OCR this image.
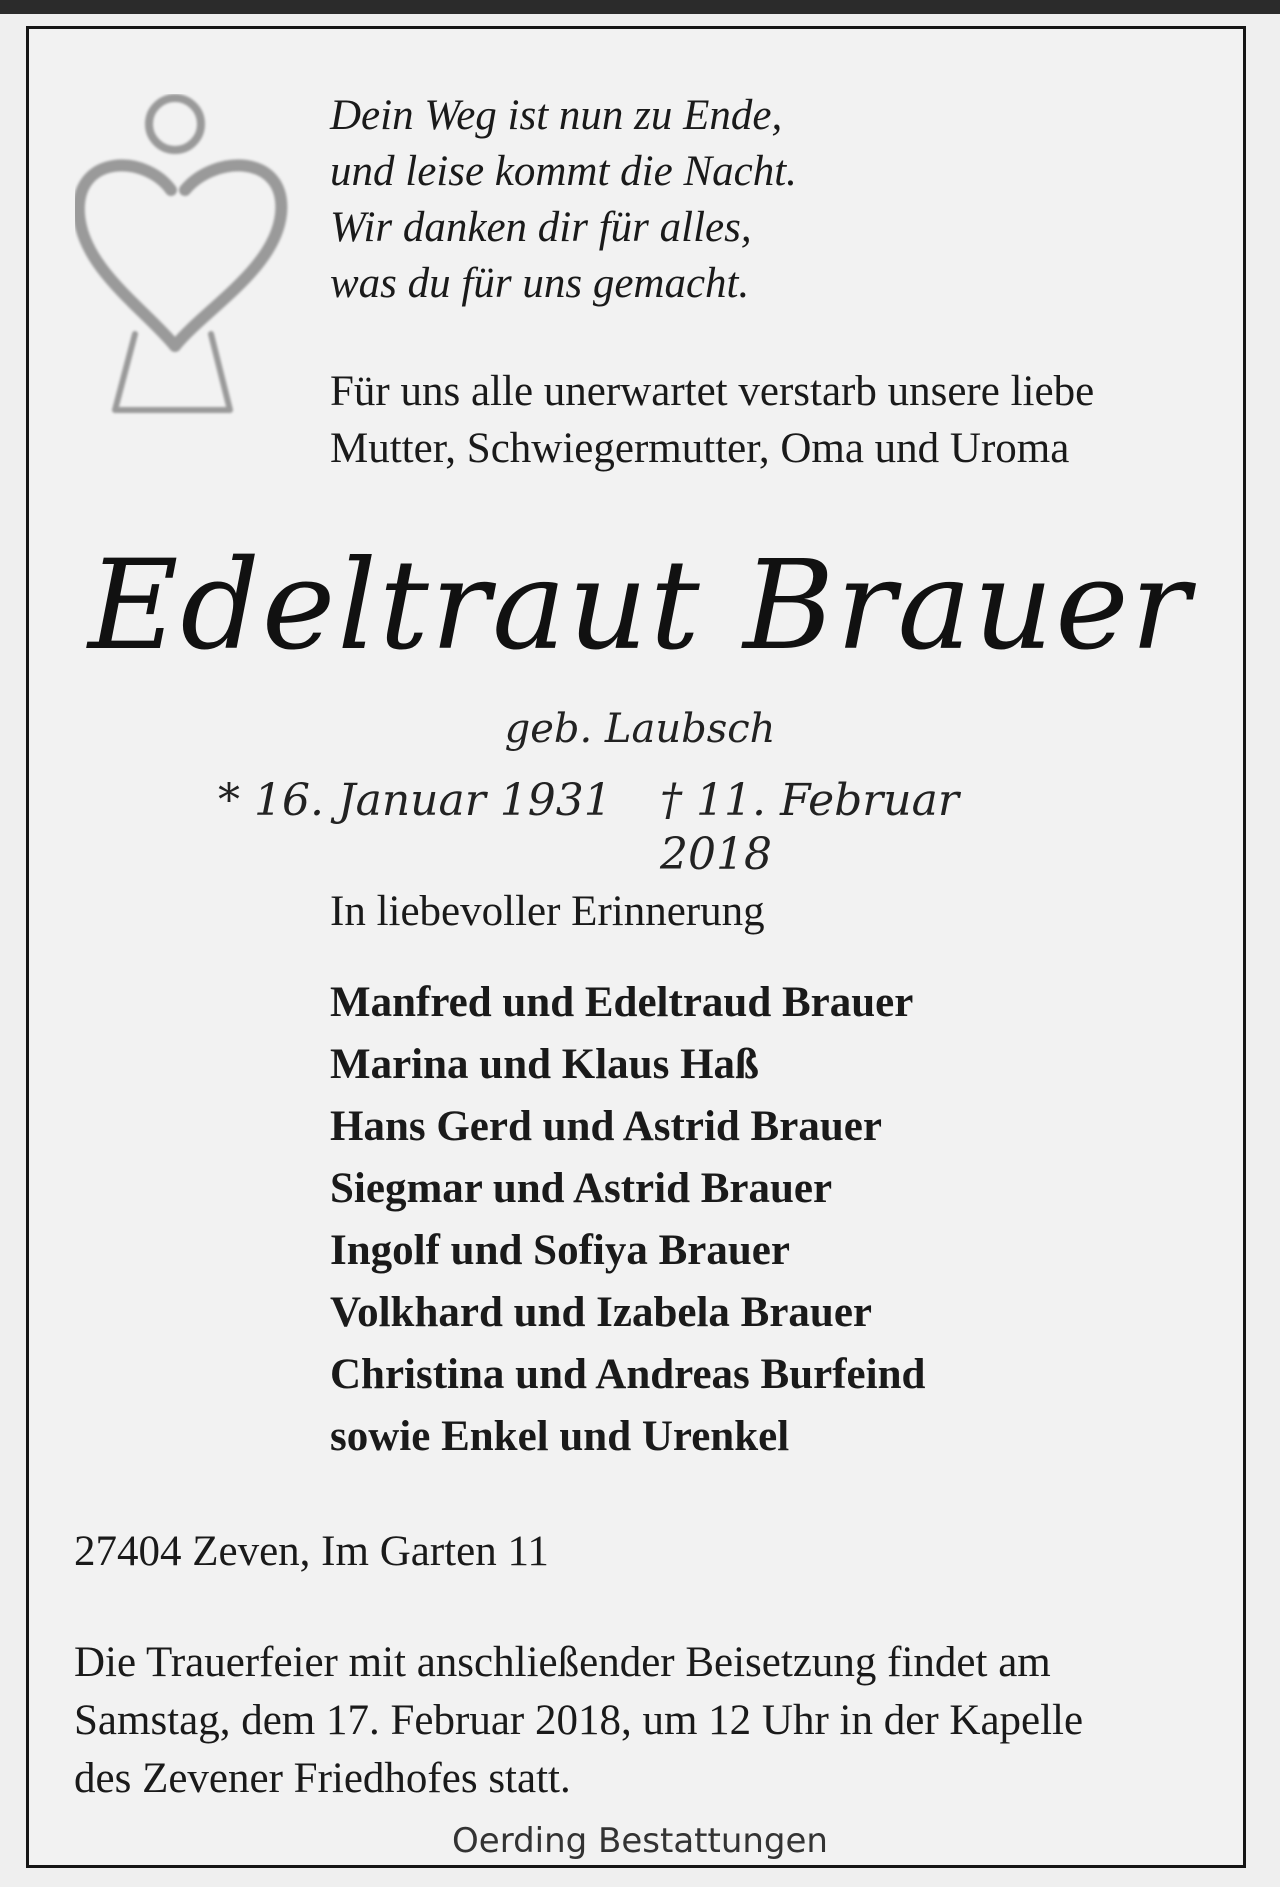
Dein Weg ist nun zu Ende,
und leise kommt die Nacht.
Wir danken dir für alles,
was du für uns gemacht.
Für uns alle unerwartet verstarb unsere liebe
Mutter, Schwiegermutter, Oma und Uroma
Edeltraut Brauer
geb. Laubsch
* 16. Januar 1931 † 11. Februar 2018
In liebevoller Erinnerung
Manfred und Edeltraud Brauer
Marina und Klaus Haß
Hans Gerd und Astrid Brauer
Siegmar und Astrid Brauer
Ingolf und Sofiya Brauer
Volkhard und Izabela Brauer
Christina und Andreas Burfeind
sowie Enkel und Urenkel
27404 Zeven, Im Garten 11
Die Trauerfeier mit anschließender Beisetzung findet am
Samstag, dem 17. Februar 2018, um 12 Uhr in der Kapelle
des Zevener Friedhofes statt.
Oerding Bestattungen
